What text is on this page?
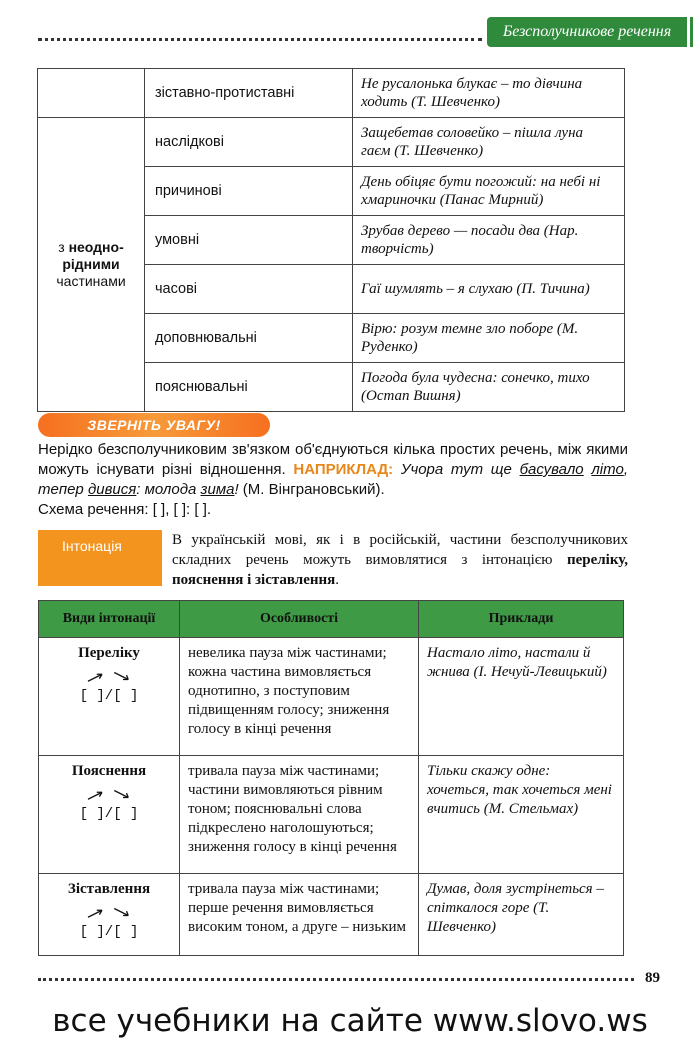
Безсполучникове речення
	зіставно-протиставні	Не русалонька блукає – то дівчина ходить (Т. Шевченко)
з неодно-рідними
частинами	наслідкові	Защебетав соловейко – пішла луна гаєм (Т. Шевченко)
	причинові	День обіцяє бути погожий: на небі ні хмариночки (Панас Мирний)
	умовні	Зрубав дерево — посади два (Нар. творчість)
	часові	Гаї шумлять – я слухаю (П. Тичина)
	доповнювальні	Вірю: розум темне зло поборе (М. Руденко)
	пояснювальні	Погода була чудесна: сонечко, тихо (Остап Вишня)
ЗВЕРНІТЬ УВАГУ!
Нерідко безсполучниковим зв'язком об'єднуються кілька простих речень, між якими можуть існувати різні відношення. НАПРИКЛАД: Учора тут ще басувало літо, тепер дивися: молода зима! (М. Вінграновський).
Схема речення: [ ], [ ]: [ ].
Інтонація	В українській мові, як і в російській, частини безсполучникових складних речень можуть вимовлятися з інтонацією переліку, пояснення і зіставлення.
Види інтонації	Особливості	Приклади
Переліку
[ ]/[ ]	невелика пауза між частинами; кожна частина вимовляється однотипно, з поступовим підвищенням голосу; зниження голосу в кінці речення	Настало літо, настали й жнива (І. Нечуй-Левицький)
Пояснення
[ ]/[ ]	тривала пауза між частинами; частини вимовляються рівним тоном; пояснювальні слова підкреслено наголошуються; зниження голосу в кінці речення	Тільки скажу одне: хочеться, так хочеться мені вчитись (М. Стельмах)
Зіставлення
[ ]/[ ]	тривала пауза між частинами; перше речення вимовляється високим тоном, а друге – низьким	Думав, доля зустрінеться – спіткалося горе (Т. Шевченко)
89
все учебники на сайте www.slovo.ws
